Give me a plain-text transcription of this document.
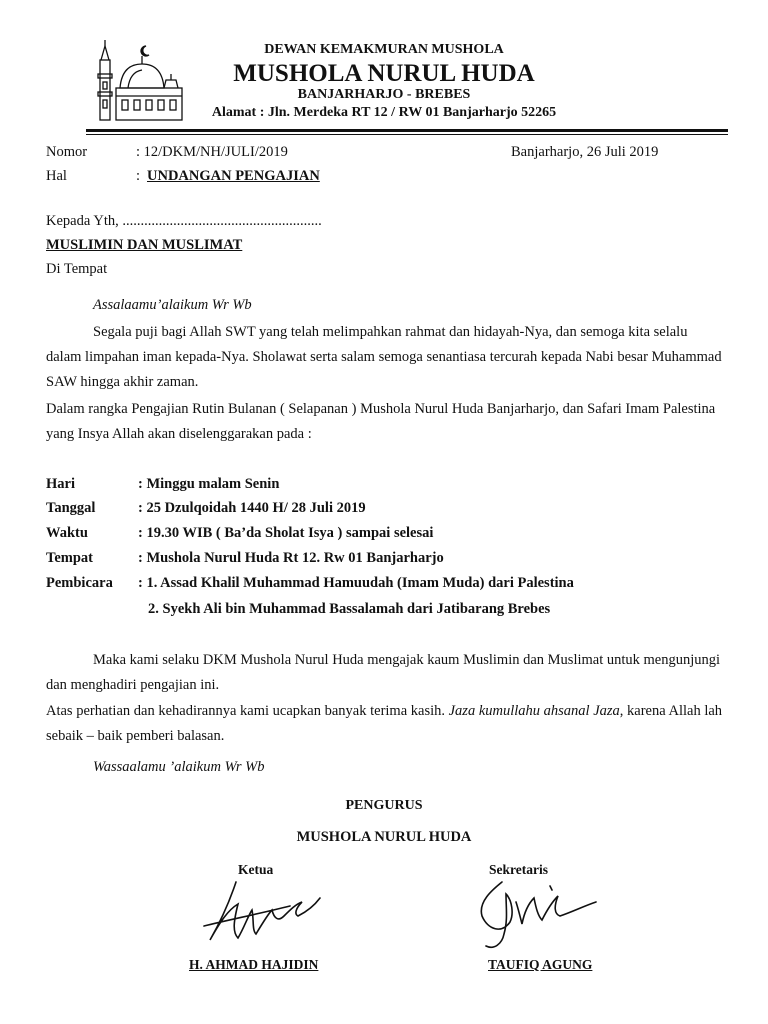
DEWAN KEMAKMURAN MUSHOLA
MUSHOLA NURUL HUDA
BANJARHARJO - BREBES
Alamat : Jln. Merdeka RT 12 / RW 01 Banjarharjo 52265
Nomor	: 12/DKM/NH/JULI/2019	Banjarharjo, 26 Juli 2019
Hal	: UNDANGAN PENGAJIAN
Kepada Yth, .......................................................
MUSLIMIN DAN MUSLIMAT
Di Tempat
Assalaamu’alaikum Wr Wb
Segala puji bagi Allah SWT yang telah melimpahkan rahmat dan hidayah-Nya, dan semoga kita selalu dalam limpahan iman kepada-Nya. Sholawat serta salam semoga senantiasa tercurah kepada Nabi besar Muhammad SAW hingga akhir zaman.
Dalam rangka Pengajian Rutin Bulanan ( Selapanan ) Mushola Nurul Huda Banjarharjo, dan Safari Imam Palestina yang Insya Allah akan diselenggarakan pada :
Hari	: Minggu malam Senin
Tanggal	: 25 Dzulqoidah 1440 H/ 28 Juli 2019
Waktu	: 19.30 WIB ( Ba’da Sholat Isya ) sampai selesai
Tempat	: Mushola Nurul Huda Rt 12. Rw 01 Banjarharjo
Pembicara : 1. Assad Khalil Muhammad Hamuudah (Imam Muda) dari Palestina
2. Syekh Ali bin Muhammad Bassalamah dari Jatibarang Brebes
Maka kami selaku DKM Mushola Nurul Huda mengajak kaum Muslimin dan Muslimat untuk mengunjungi dan menghadiri pengajian ini.
Atas perhatian dan kehadirannya kami ucapkan banyak terima kasih. Jaza kumullahu ahsanal Jaza, karena Allah lah sebaik – baik pemberi balasan.
Wassaalamu ’alaikum Wr Wb
PENGURUS
MUSHOLA NURUL HUDA
Ketua	Sekretaris
H. AHMAD HAJIDIN	TAUFIQ AGUNG
